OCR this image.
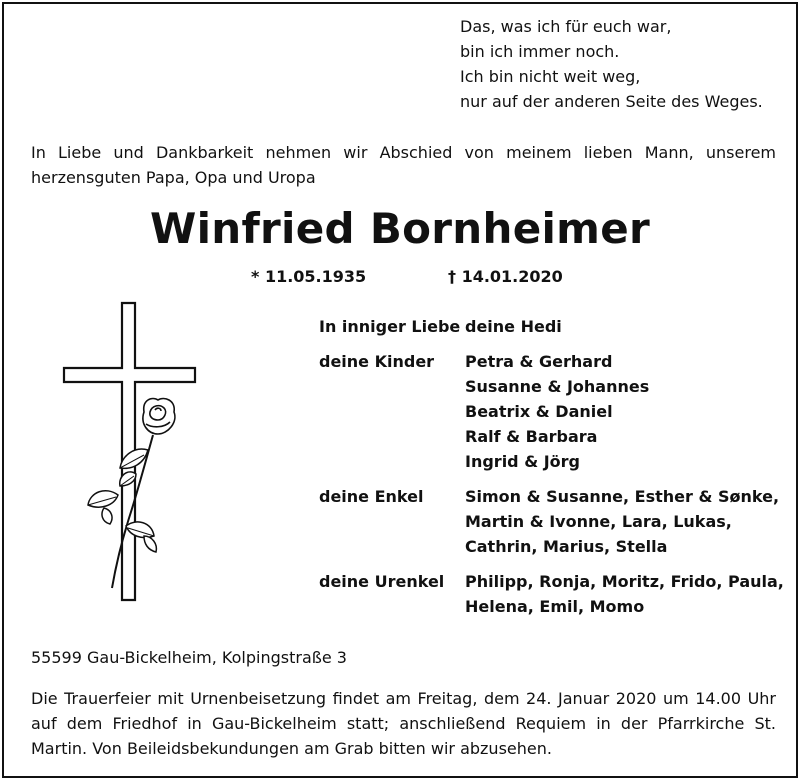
Das, was ich für euch war,
bin ich immer noch.
Ich bin nicht weit weg,
nur auf der anderen Seite des Weges.
In Liebe und Dankbarkeit nehmen wir Abschied von meinem lieben Mann, unserem herzensguten Papa, Opa und Uropa
Winfried Bornheimer
* 11.05.1935	† 14.01.2020
In inniger Liebe deine Hedi
deine Kinder	Petra & Gerhard
Susanne & Johannes
Beatrix & Daniel
Ralf & Barbara
Ingrid & Jörg
deine Enkel	Simon & Susanne, Esther & Sønke,
Martin & Ivonne, Lara, Lukas,
Cathrin, Marius, Stella
deine Urenkel	Philipp, Ronja, Moritz, Frido, Paula,
Helena, Emil, Momo
55599 Gau-Bickelheim, Kolpingstraße 3
Die Trauerfeier mit Urnenbeisetzung findet am Freitag, dem 24. Januar 2020 um 14.00 Uhr auf dem Friedhof in Gau-Bickelheim statt; anschließend Requiem in der Pfarrkirche St. Martin. Von Beileidsbekundungen am Grab bitten wir abzusehen.
